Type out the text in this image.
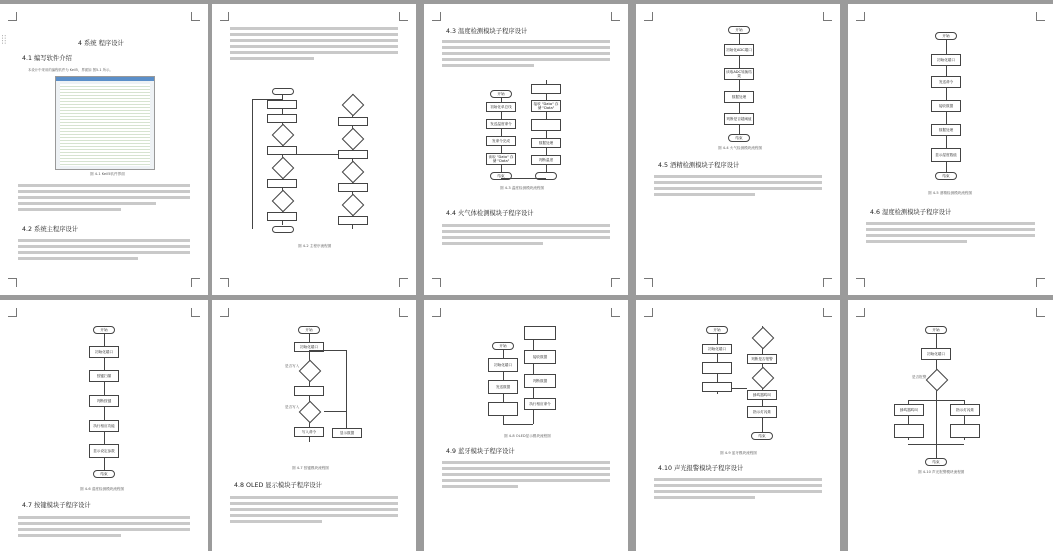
∷
∷	4 系统 程序设计
4.1 编写软件介绍
本设计中采用的编程软件为 Keil5，界面如 图5-1 所示。
图 4-1 Keil5软件界面
4.2 系统主程序设计
图 4-2 主程序流程图
4.3 温度检测模块子程序设计
开始
初始化单总线
发送温度命令
发命令完成
读取 "Data" 存储 "Data"
结束
接收 "Data" 存储 "Data"
数据处理
判断温度
图 4-3 温度检测模块流程图
4.4 火气体检测模块子程序设计
开始
初始化ADC端口
读取ADC转换结果
数据处理
判断是否超阈值
结束
图 4-4 火气检测模块流程图
4.5 酒精检测模块子程序设计
开始
初始化端口
发送命令
接收数据
数据处理
显示湿度数值
结束
图 4-5 酒精检测模块流程图
4.6 湿度检测模块子程序设计
开始
初始化端口
按键扫描
判断按键
执行相应功能
显示设定参数
结束
图 4-6 湿度检测模块流程图
4.7 按键模块子程序设计
开始
初始化端口
是否写入
是否写入
写入命令	显示数据
图 4-7 按键模块流程图
4.8 OLED 显示模块子程序设计
开始
初始化端口
发送数据
接收数据
判断数据
执行相应命令
图 4-8 OLED显示模块流程图
4.9 蓝牙模块子程序设计
开始
初始化端口
判断是否报警
蜂鸣器鸣叫
指示灯闪烁
结束
图 4-9 蓝牙模块流程图
4.10 声光报警模块子程序设计
开始
初始化端口
是否报警
蜂鸣器鸣叫	指示灯闪烁
结束
图 4-10 声光报警模块流程图
